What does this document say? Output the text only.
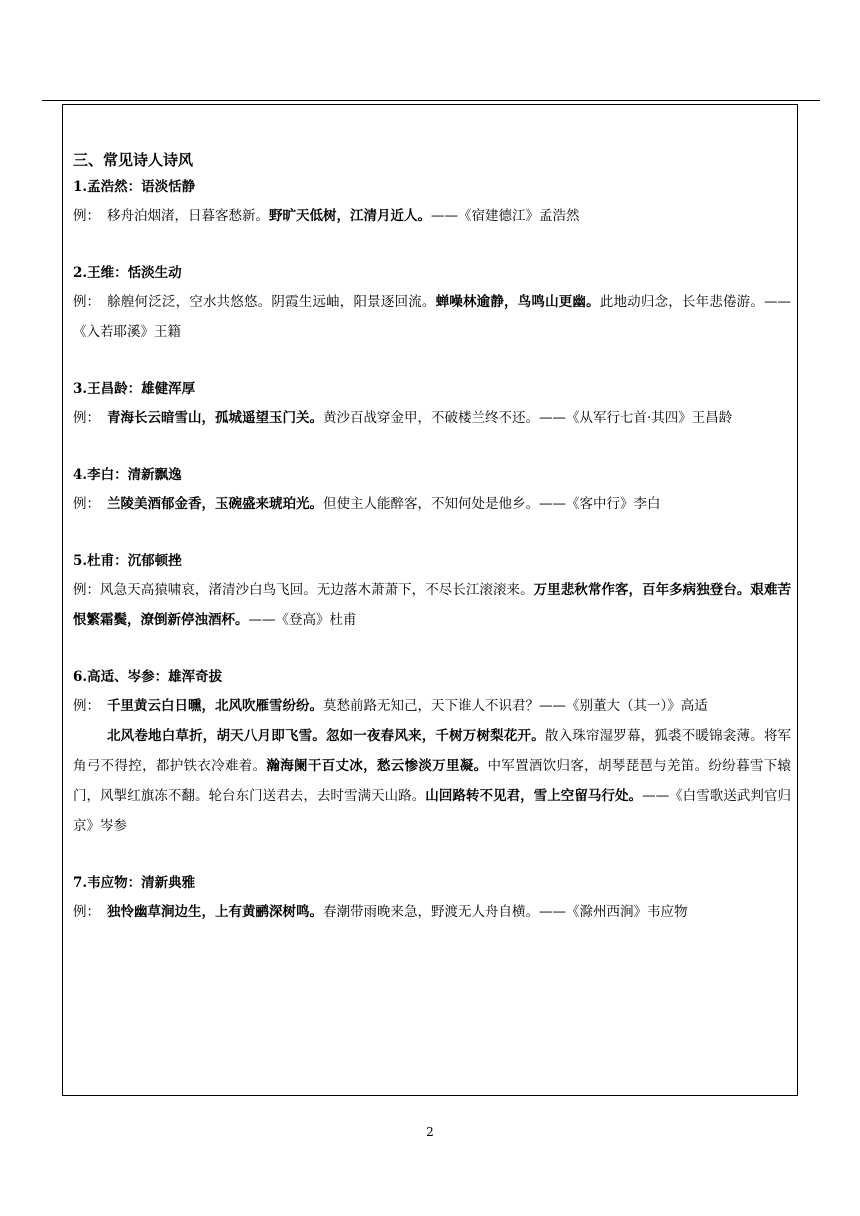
三、常见诗人诗风

1.孟浩然：语淡恬静

例： 移舟泊烟渚，日暮客愁新。野旷天低树，江清月近人。——《宿建德江》孟浩然

2.王维：恬淡生动

例： 艅艎何泛泛，空水共悠悠。阴霞生远岫，阳景逐回流。蝉噪林逾静，鸟鸣山更幽。此地动归念，长年悲倦游。——《入若耶溪》王籍

3.王昌龄：雄健浑厚

例： 青海长云暗雪山，孤城遥望玉门关。黄沙百战穿金甲，不破楼兰终不还。——《从军行七首·其四》王昌龄

4.李白：清新飘逸

例： 兰陵美酒郁金香，玉碗盛来琥珀光。但使主人能醉客，不知何处是他乡。——《客中行》李白

5.杜甫：沉郁顿挫

例：风急天高猿啸哀，渚清沙白鸟飞回。无边落木萧萧下，不尽长江滚滚来。万里悲秋常作客，百年多病独登台。艰难苦恨繁霜鬓，潦倒新停浊酒杯。——《登高》杜甫

6.高适、岑参：雄浑奇拔

例： 千里黄云白日曛，北风吹雁雪纷纷。莫愁前路无知己，天下谁人不识君？——《别董大（其一）》高适

北风卷地白草折，胡天八月即飞雪。忽如一夜春风来，千树万树梨花开。散入珠帘湿罗幕，狐裘不暖锦衾薄。将军角弓不得控，都护铁衣冷难着。瀚海阑干百丈冰，愁云惨淡万里凝。中军置酒饮归客，胡琴琵琶与羌笛。纷纷暮雪下辕门，风掣红旗冻不翻。轮台东门送君去，去时雪满天山路。山回路转不见君，雪上空留马行处。——《白雪歌送武判官归京》岑参

7.韦应物：清新典雅

例： 独怜幽草涧边生，上有黄鹂深树鸣。春潮带雨晚来急，野渡无人舟自横。——《滁州西涧》韦应物

2
